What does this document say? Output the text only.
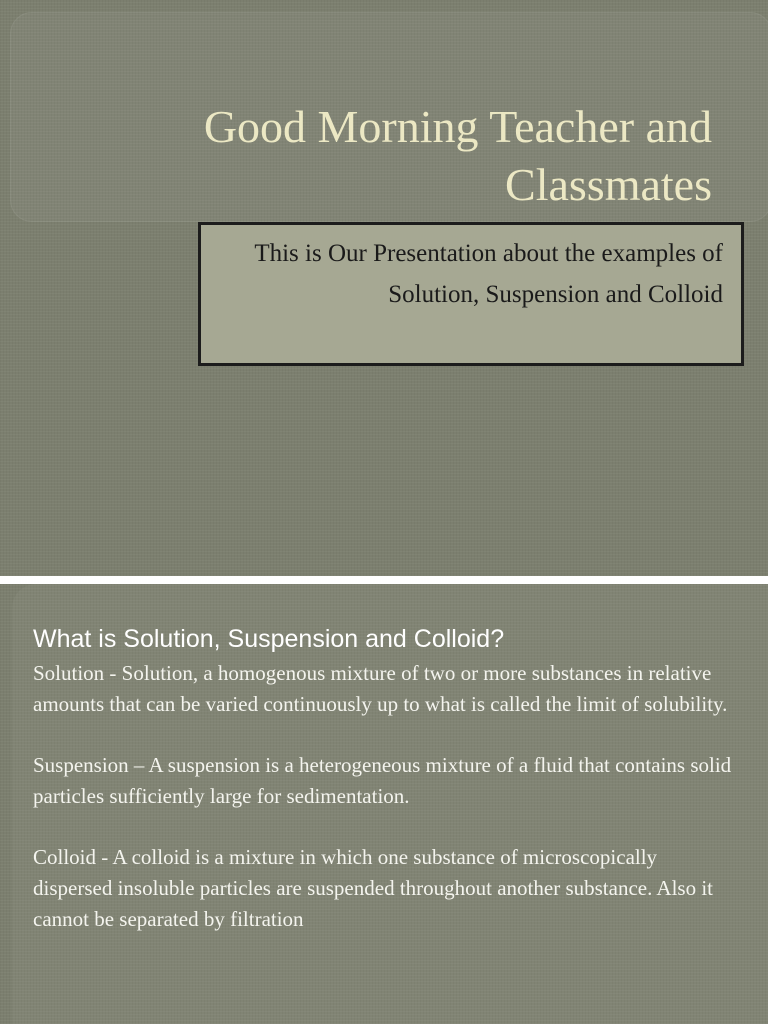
Good Morning Teacher and Classmates

This is Our Presentation about the examples of Solution, Suspension and Colloid

What is Solution, Suspension and Colloid?

Solution - Solution, a homogenous mixture of two or more substances in relative amounts that can be varied continuously up to what is called the limit of solubility.

Suspension – A suspension is a heterogeneous mixture of a fluid that contains solid particles sufficiently large for sedimentation.

Colloid - A colloid is a mixture in which one substance of microscopically dispersed insoluble particles are suspended throughout another substance. Also it cannot be separated by filtration
